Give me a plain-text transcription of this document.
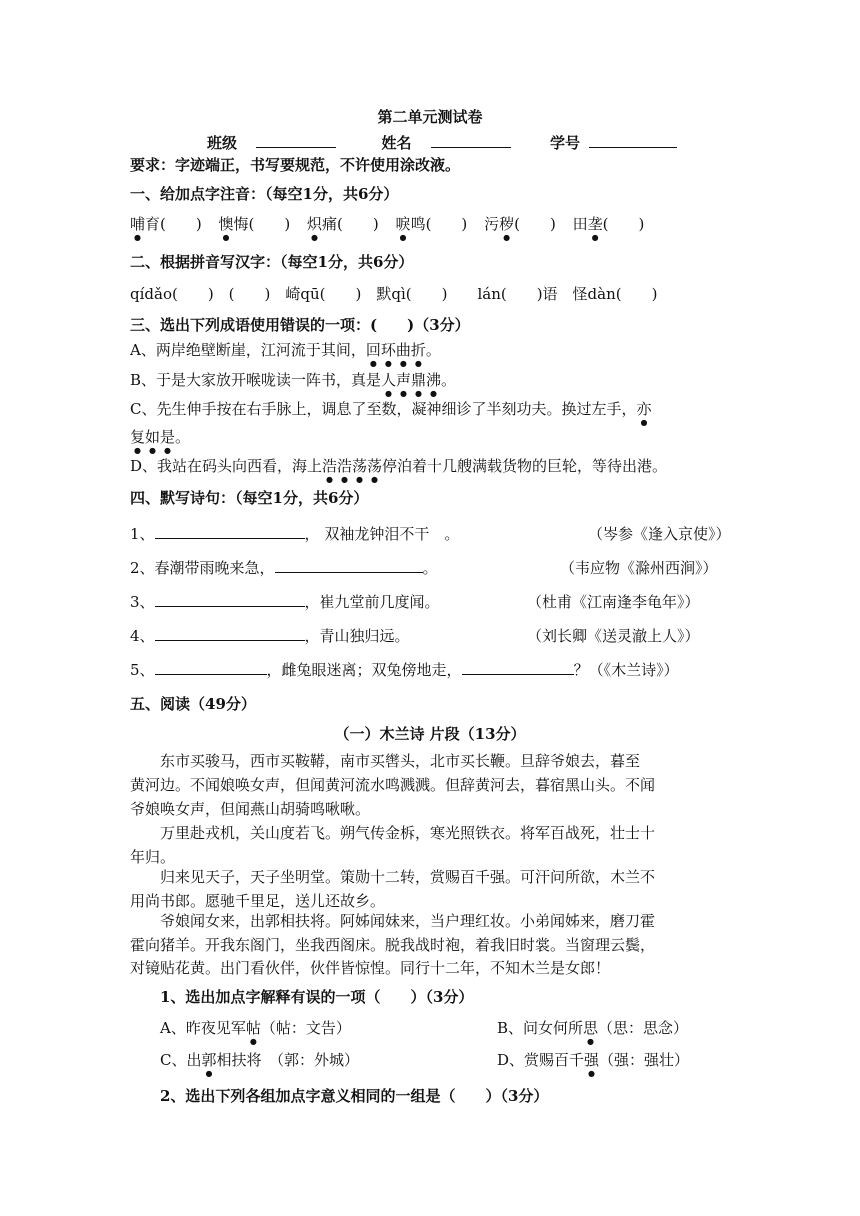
第二单元测试卷
班级	姓名	学号
要求：字迹端正，书写要规范，不许使用涂改液。
一、给加点字注音：（每空1分，共6分）
哺育(　　) 懊悔(　　) 炽痛(　　) 唳鸣(　　) 污秽(　　) 田垄(　　)
二、根据拼音写汉字：（每空1分，共6分）
qídǎo(　　)　(　　)　崎qū(　　)　默qì(　　)　　lán(　　)语　怪dàn(　　)
三、选出下列成语使用错误的一项：(　　)（3分）
A、两岸绝壁断崖，江河流于其间，回环曲折。
B、于是大家放开喉咙读一阵书，真是人声鼎沸。
C、先生伸手按在右手脉上，调息了至数，凝神细诊了半刻功夫。换过左手，亦
复如是。
D、我站在码头向西看，海上浩浩荡荡停泊着十几艘满载货物的巨轮，等待出港。
四、默写诗句：（每空1分，共6分）
1、	， 双袖龙钟泪不干　。	（岑参《逢入京使》）
2、春潮带雨晚来急，	。	（韦应物《滁州西涧》）
3、	，崔九堂前几度闻。	（杜甫《江南逢李龟年》）
4、	，青山独归远。	（刘长卿《送灵澈上人》）
5、	，雌兔眼迷离；双兔傍地走，	？（《木兰诗》）
五、阅读（49分）
（一）木兰诗 片段（13分）
　　东市买骏马，西市买鞍鞯，南市买辔头，北市买长鞭。旦辞爷娘去，暮至
黄河边。不闻娘唤女声，但闻黄河流水鸣溅溅。但辞黄河去，暮宿黑山头。不闻
爷娘唤女声，但闻燕山胡骑鸣啾啾。
　　万里赴戎机，关山度若飞。朔气传金柝，寒光照铁衣。将军百战死，壮士十
年归。
　　归来见天子，天子坐明堂。策勋十二转，赏赐百千强。可汗问所欲，木兰不
用尚书郎。愿驰千里足，送儿还故乡。
　　爷娘闻女来，出郭相扶将。阿姊闻妹来，当户理红妆。小弟闻姊来，磨刀霍
霍向猪羊。开我东阁门，坐我西阁床。脱我战时袍，着我旧时裳。当窗理云鬓，
对镜贴花黄。出门看伙伴，伙伴皆惊惶。同行十二年，不知木兰是女郎！
1、选出加点字解释有误的一项（　　）（3分）
A、昨夜见军帖（帖：文告）	B、问女何所思（思：思念）
C、出郭相扶将　（郭：外城）	D、赏赐百千强（强：强壮）
2、选出下列各组加点字意义相同的一组是（　　）（3分）
